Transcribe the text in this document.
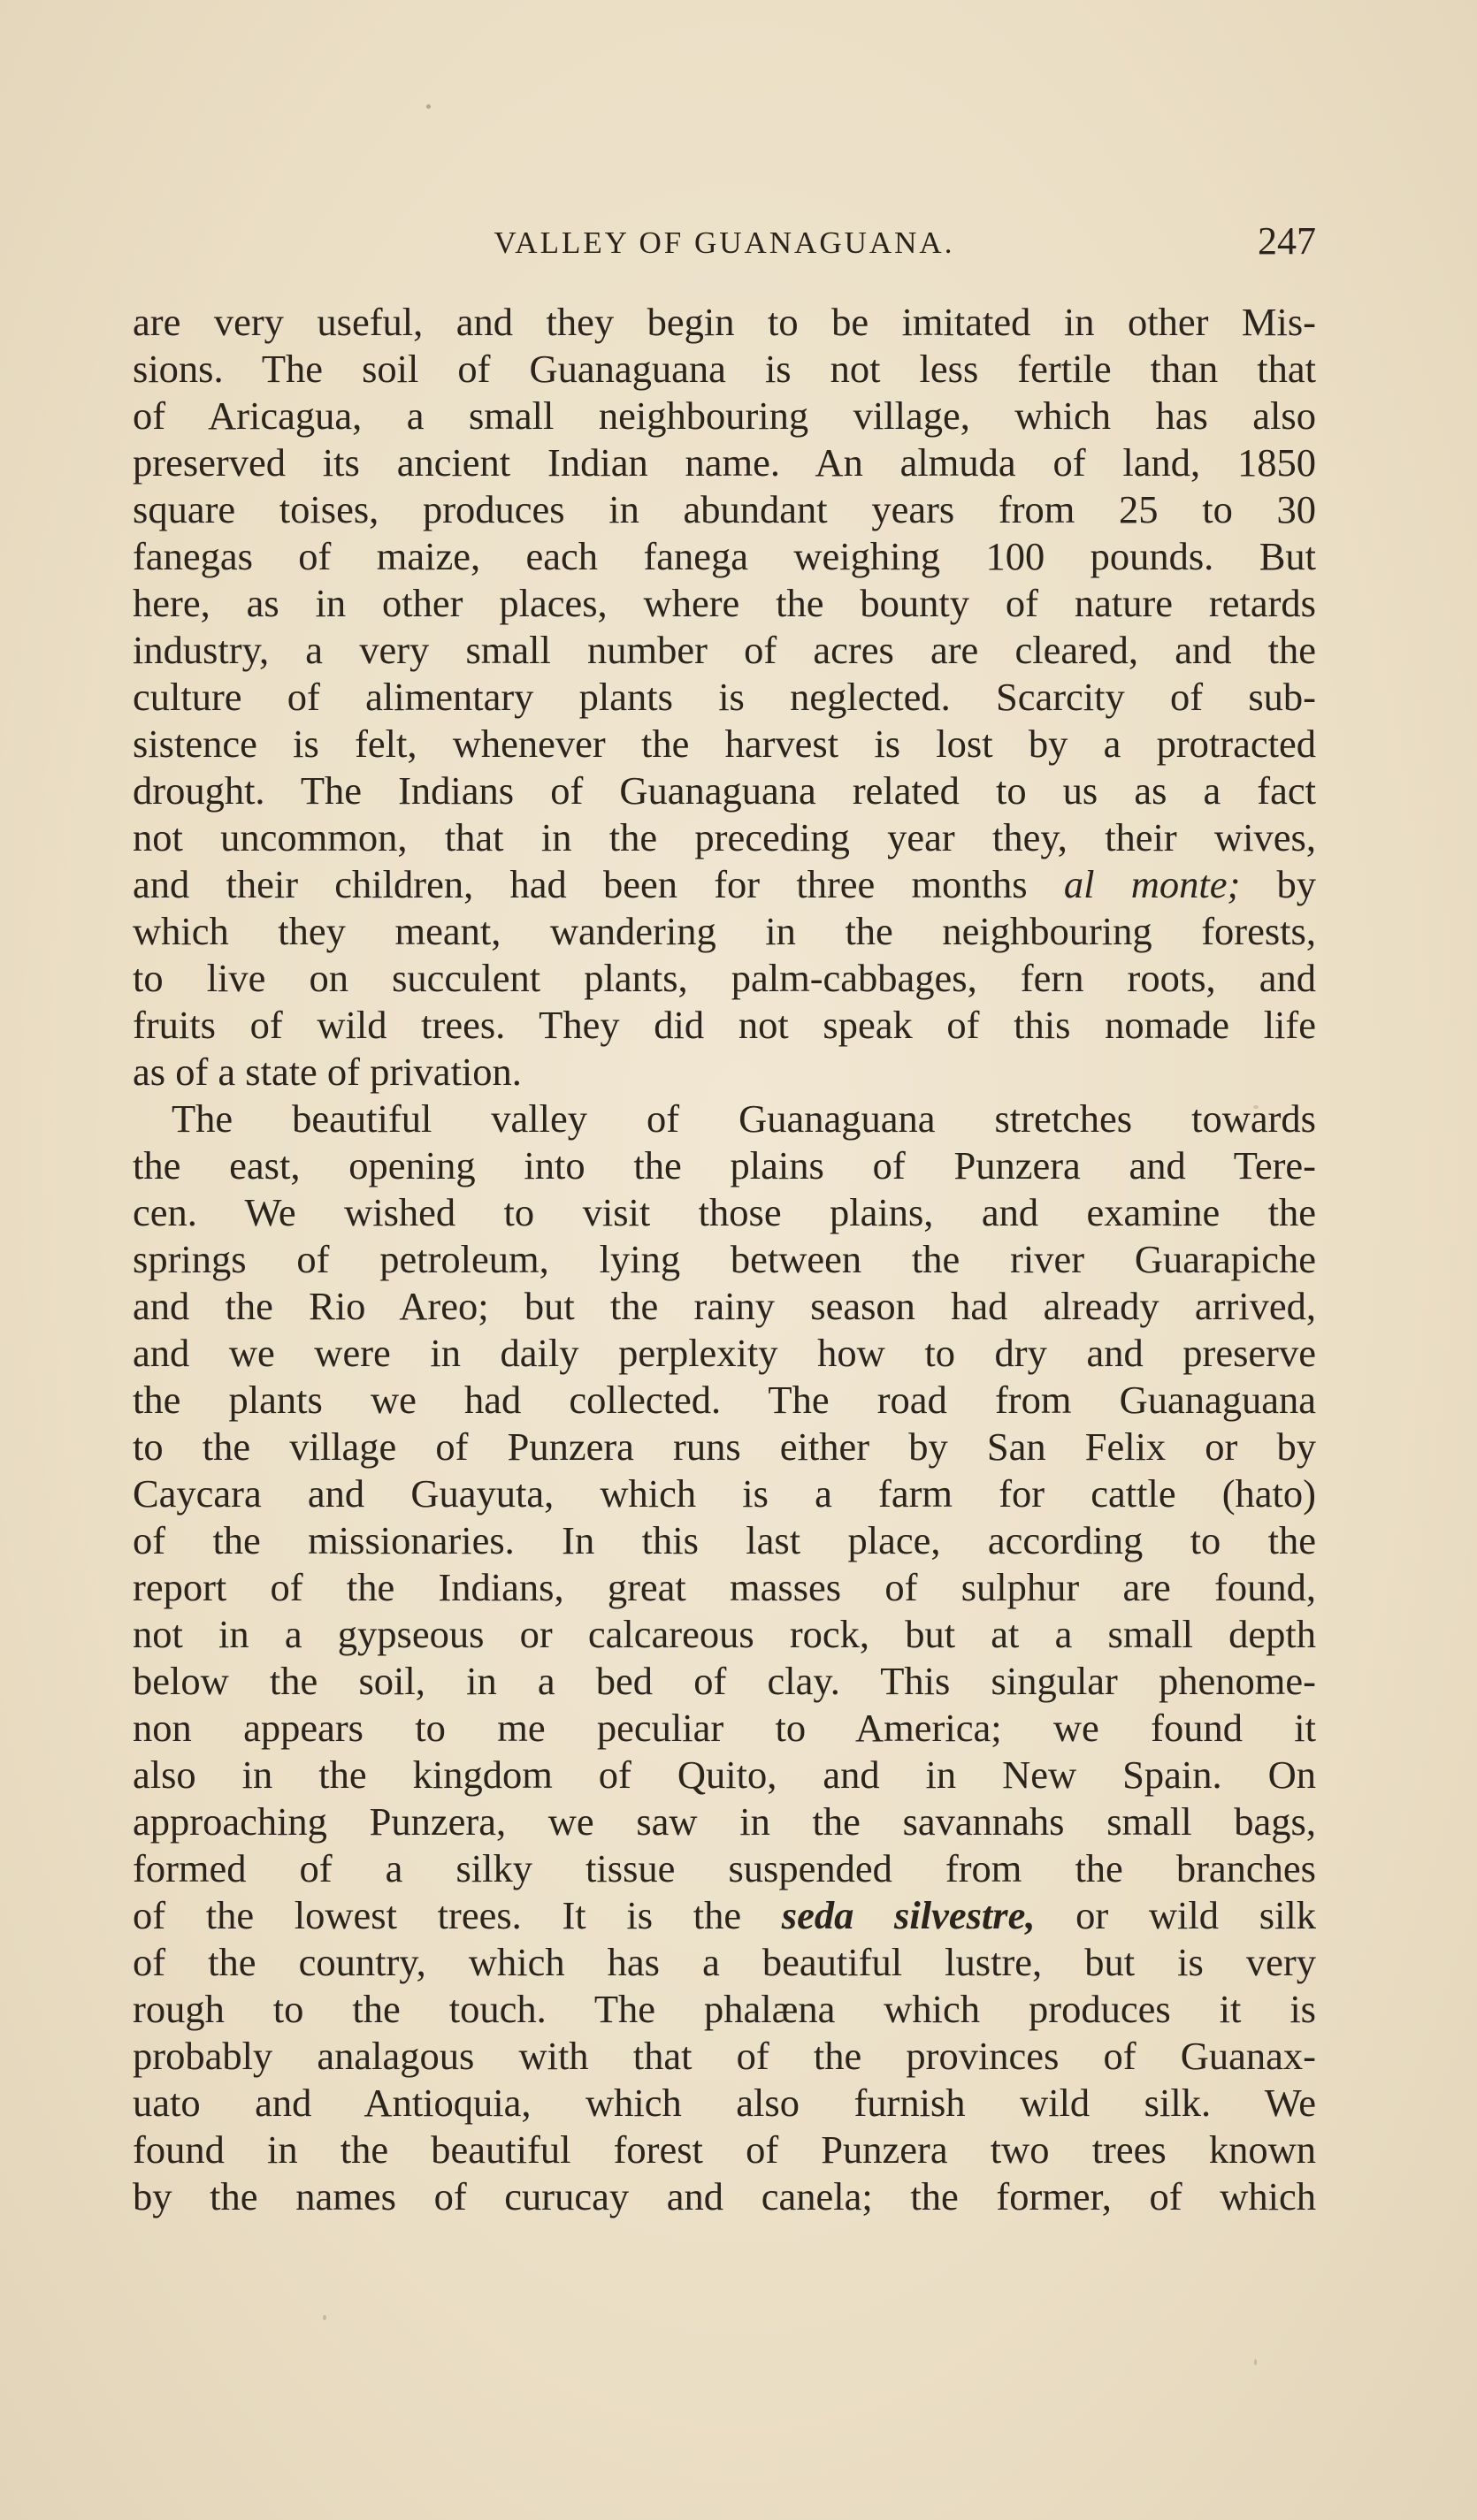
VALLEY OF GUANAGUANA.	247
are very useful, and they begin to be imitated in other Mis-
sions. The soil of Guanaguana is not less fertile than that
of Aricagua, a small neighbouring village, which has also
preserved its ancient Indian name. An almuda of land, 1850
square toises, produces in abundant years from 25 to 30
fanegas of maize, each fanega weighing 100 pounds. But
here, as in other places, where the bounty of nature retards
industry, a very small number of acres are cleared, and the
culture of alimentary plants is neglected. Scarcity of sub-
sistence is felt, whenever the harvest is lost by a protracted
drought. The Indians of Guanaguana related to us as a fact
not uncommon, that in the preceding year they, their wives,
and their children, had been for three months al monte; by
which they meant, wandering in the neighbouring forests,
to live on succulent plants, palm-cabbages, fern roots, and
fruits of wild trees. They did not speak of this nomade life
as of a state of privation.
The beautiful valley of Guanaguana stretches towards
the east, opening into the plains of Punzera and Tere-
cen. We wished to visit those plains, and examine the
springs of petroleum, lying between the river Guarapiche
and the Rio Areo; but the rainy season had already arrived,
and we were in daily perplexity how to dry and preserve
the plants we had collected. The road from Guanaguana
to the village of Punzera runs either by San Felix or by
Caycara and Guayuta, which is a farm for cattle (hato)
of the missionaries. In this last place, according to the
report of the Indians, great masses of sulphur are found,
not in a gypseous or calcareous rock, but at a small depth
below the soil, in a bed of clay. This singular phenome-
non appears to me peculiar to America; we found it
also in the kingdom of Quito, and in New Spain. On
approaching Punzera, we saw in the savannahs small bags,
formed of a silky tissue suspended from the branches
of the lowest trees. It is the seda silvestre, or wild silk
of the country, which has a beautiful lustre, but is very
rough to the touch. The phalæna which produces it is
probably analagous with that of the provinces of Guanax-
uato and Antioquia, which also furnish wild silk. We
found in the beautiful forest of Punzera two trees known
by the names of curucay and canela; the former, of which
